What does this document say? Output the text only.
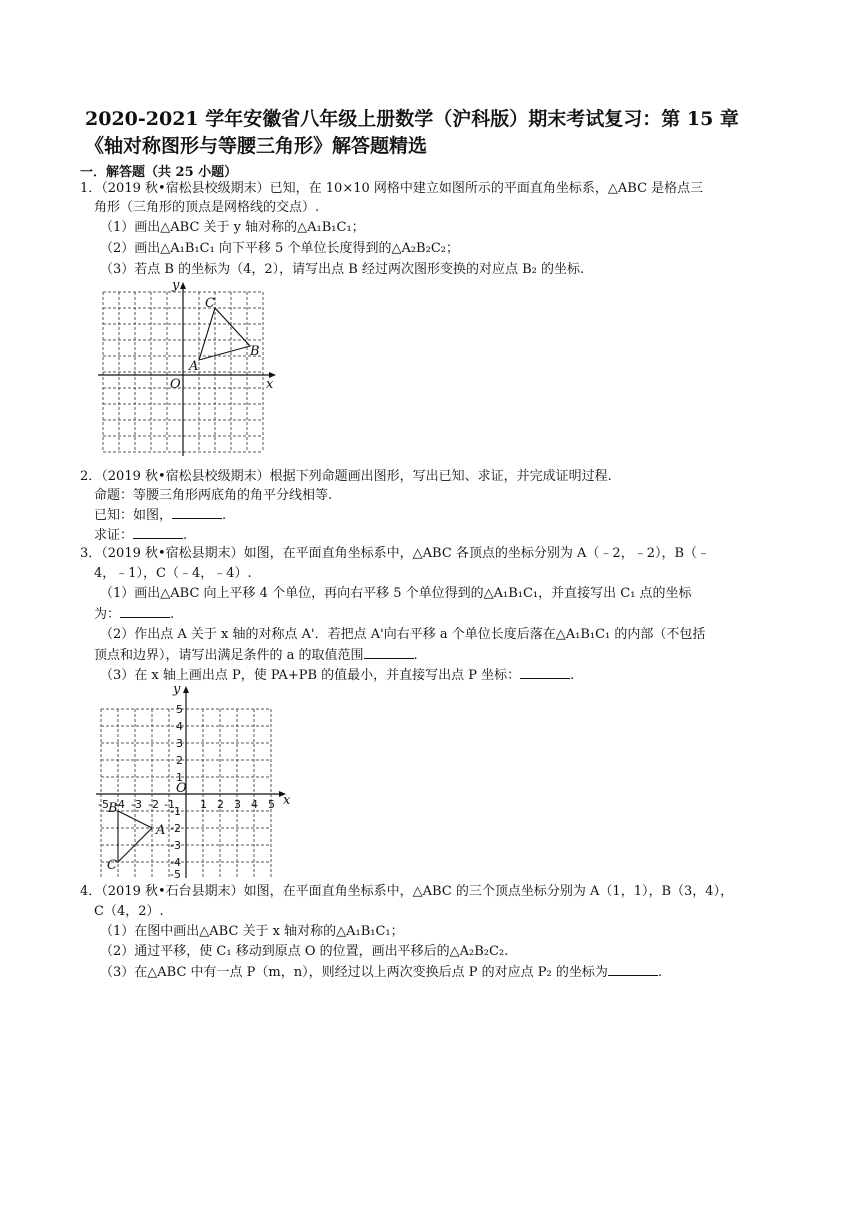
2020-2021 学年安徽省八年级上册数学（沪科版）期末考试复习：第 15 章
《轴对称图形与等腰三角形》解答题精选
一．解答题（共 25 小题）
1．（2019 秋•宿松县校级期末）已知，在 10×10 网格中建立如图所示的平面直角坐标系，△ABC 是格点三
角形（三角形的顶点是网格线的交点）.
（1）画出△ABC 关于 y 轴对称的△A₁B₁C₁；
（2）画出△A₁B₁C₁ 向下平移 5 个单位长度得到的△A₂B₂C₂；
（3）若点 B 的坐标为（4，2），请写出点 B 经过两次图形变换的对应点 B₂ 的坐标.
A
B
C
O	x
y
2．（2019 秋•宿松县校级期末）根据下列命题画出图形，写出已知、求证，并完成证明过程.
命题：等腰三角形两底角的角平分线相等.
已知：如图，	.
求证：	.
3．（2019 秋•宿松县期末）如图，在平面直角坐标系中，△ABC 各顶点的坐标分别为 A（﹣2，﹣2），B（﹣
4，﹣1），C（﹣4，﹣4）.
（1）画出△ABC 向上平移 4 个单位，再向右平移 5 个单位得到的△A₁B₁C₁，并直接写出 C₁ 点的坐标
为：	.
（2）作出点 A 关于 x 轴的对称点 A'．若把点 A'向右平移 a 个单位长度后落在△A₁B₁C₁ 的内部（不包括
顶点和边界），请写出满足条件的 a 的取值范围	.
（3）在 x 轴上画出点 P，使 PA+PB 的值最小，并直接写出点 P 坐标：	.
A
B
C
O
x
y
-5 -4 -3 -2 -1 1 2 3 4 5
5
4
3
2
1
-1
-2
-3
-4
-5
4．（2019 秋•石台县期末）如图，在平面直角坐标系中，△ABC 的三个顶点坐标分别为 A（1，1），B（3，4），
C（4，2）.
（1）在图中画出△ABC 关于 x 轴对称的△A₁B₁C₁；
（2）通过平移，使 C₁ 移动到原点 O 的位置，画出平移后的△A₂B₂C₂.
（3）在△ABC 中有一点 P（m，n），则经过以上两次变换后点 P 的对应点 P₂ 的坐标为	.
